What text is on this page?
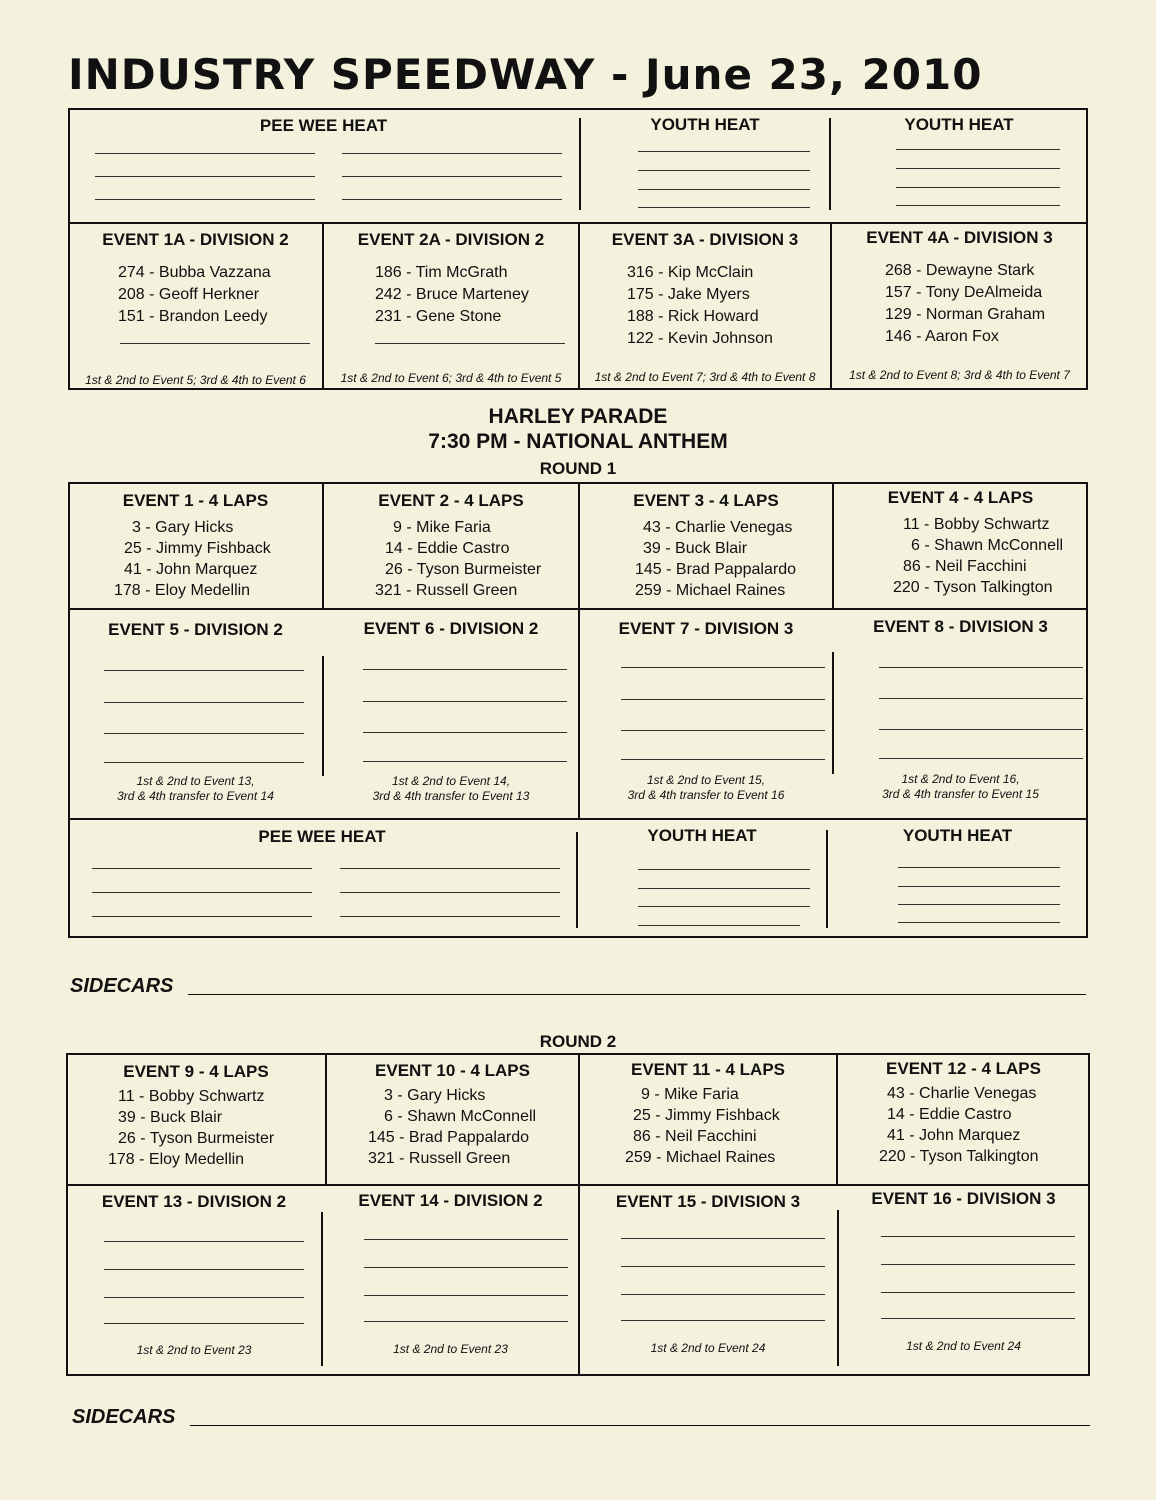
INDUSTRY SPEEDWAY - June 23, 2010
PEE WEE HEAT	YOUTH HEAT	YOUTH HEAT
EVENT 1A - DIVISION 2
274 - Bubba Vazzana
208 - Geoff Herkner
151 - Brandon Leedy
1st & 2nd to Event 5; 3rd & 4th to Event 6
EVENT 2A - DIVISION 2
186 - Tim McGrath
242 - Bruce Marteney
231 - Gene Stone
1st & 2nd to Event 6; 3rd & 4th to Event 5
EVENT 3A - DIVISION 3
316 - Kip McClain
175 - Jake Myers
188 - Rick Howard
122 - Kevin Johnson
1st & 2nd to Event 7; 3rd & 4th to Event 8
EVENT 4A - DIVISION 3
268 - Dewayne Stark
157 - Tony DeAlmeida
129 - Norman Graham
146 - Aaron Fox
1st & 2nd to Event 8; 3rd & 4th to Event 7
HARLEY PARADE
7:30 PM - NATIONAL ANTHEM
ROUND 1
EVENT 1 - 4 LAPS
3 - Gary Hicks
25 - Jimmy Fishback
41 - John Marquez
178 - Eloy Medellin
EVENT 2 - 4 LAPS
9 - Mike Faria
14 - Eddie Castro
26 - Tyson Burmeister
321 - Russell Green
EVENT 3 - 4 LAPS
43 - Charlie Venegas
39 - Buck Blair
145 - Brad Pappalardo
259 - Michael Raines
EVENT 4 - 4 LAPS
11 - Bobby Schwartz
6 - Shawn McConnell
86 - Neil Facchini
220 - Tyson Talkington
EVENT 5 - DIVISION 2
1st & 2nd to Event 13,
3rd & 4th transfer to Event 14
EVENT 6 - DIVISION 2
1st & 2nd to Event 14,
3rd & 4th transfer to Event 13
EVENT 7 - DIVISION 3
1st & 2nd to Event 15,
3rd & 4th transfer to Event 16
EVENT 8 - DIVISION 3
1st & 2nd to Event 16,
3rd & 4th transfer to Event 15
PEE WEE HEAT	YOUTH HEAT	YOUTH HEAT
SIDECARS
ROUND 2
EVENT 9 - 4 LAPS
11 - Bobby Schwartz
39 - Buck Blair
26 - Tyson Burmeister
178 - Eloy Medellin
EVENT 10 - 4 LAPS
3 - Gary Hicks
6 - Shawn McConnell
145 - Brad Pappalardo
321 - Russell Green
EVENT 11 - 4 LAPS
9 - Mike Faria
25 - Jimmy Fishback
86 - Neil Facchini
259 - Michael Raines
EVENT 12 - 4 LAPS
43 - Charlie Venegas
14 - Eddie Castro
41 - John Marquez
220 - Tyson Talkington
EVENT 13 - DIVISION 2
1st & 2nd to Event 23
EVENT 14 - DIVISION 2
1st & 2nd to Event 23
EVENT 15 - DIVISION 3
1st & 2nd to Event 24
EVENT 16 - DIVISION 3
1st & 2nd to Event 24
SIDECARS
